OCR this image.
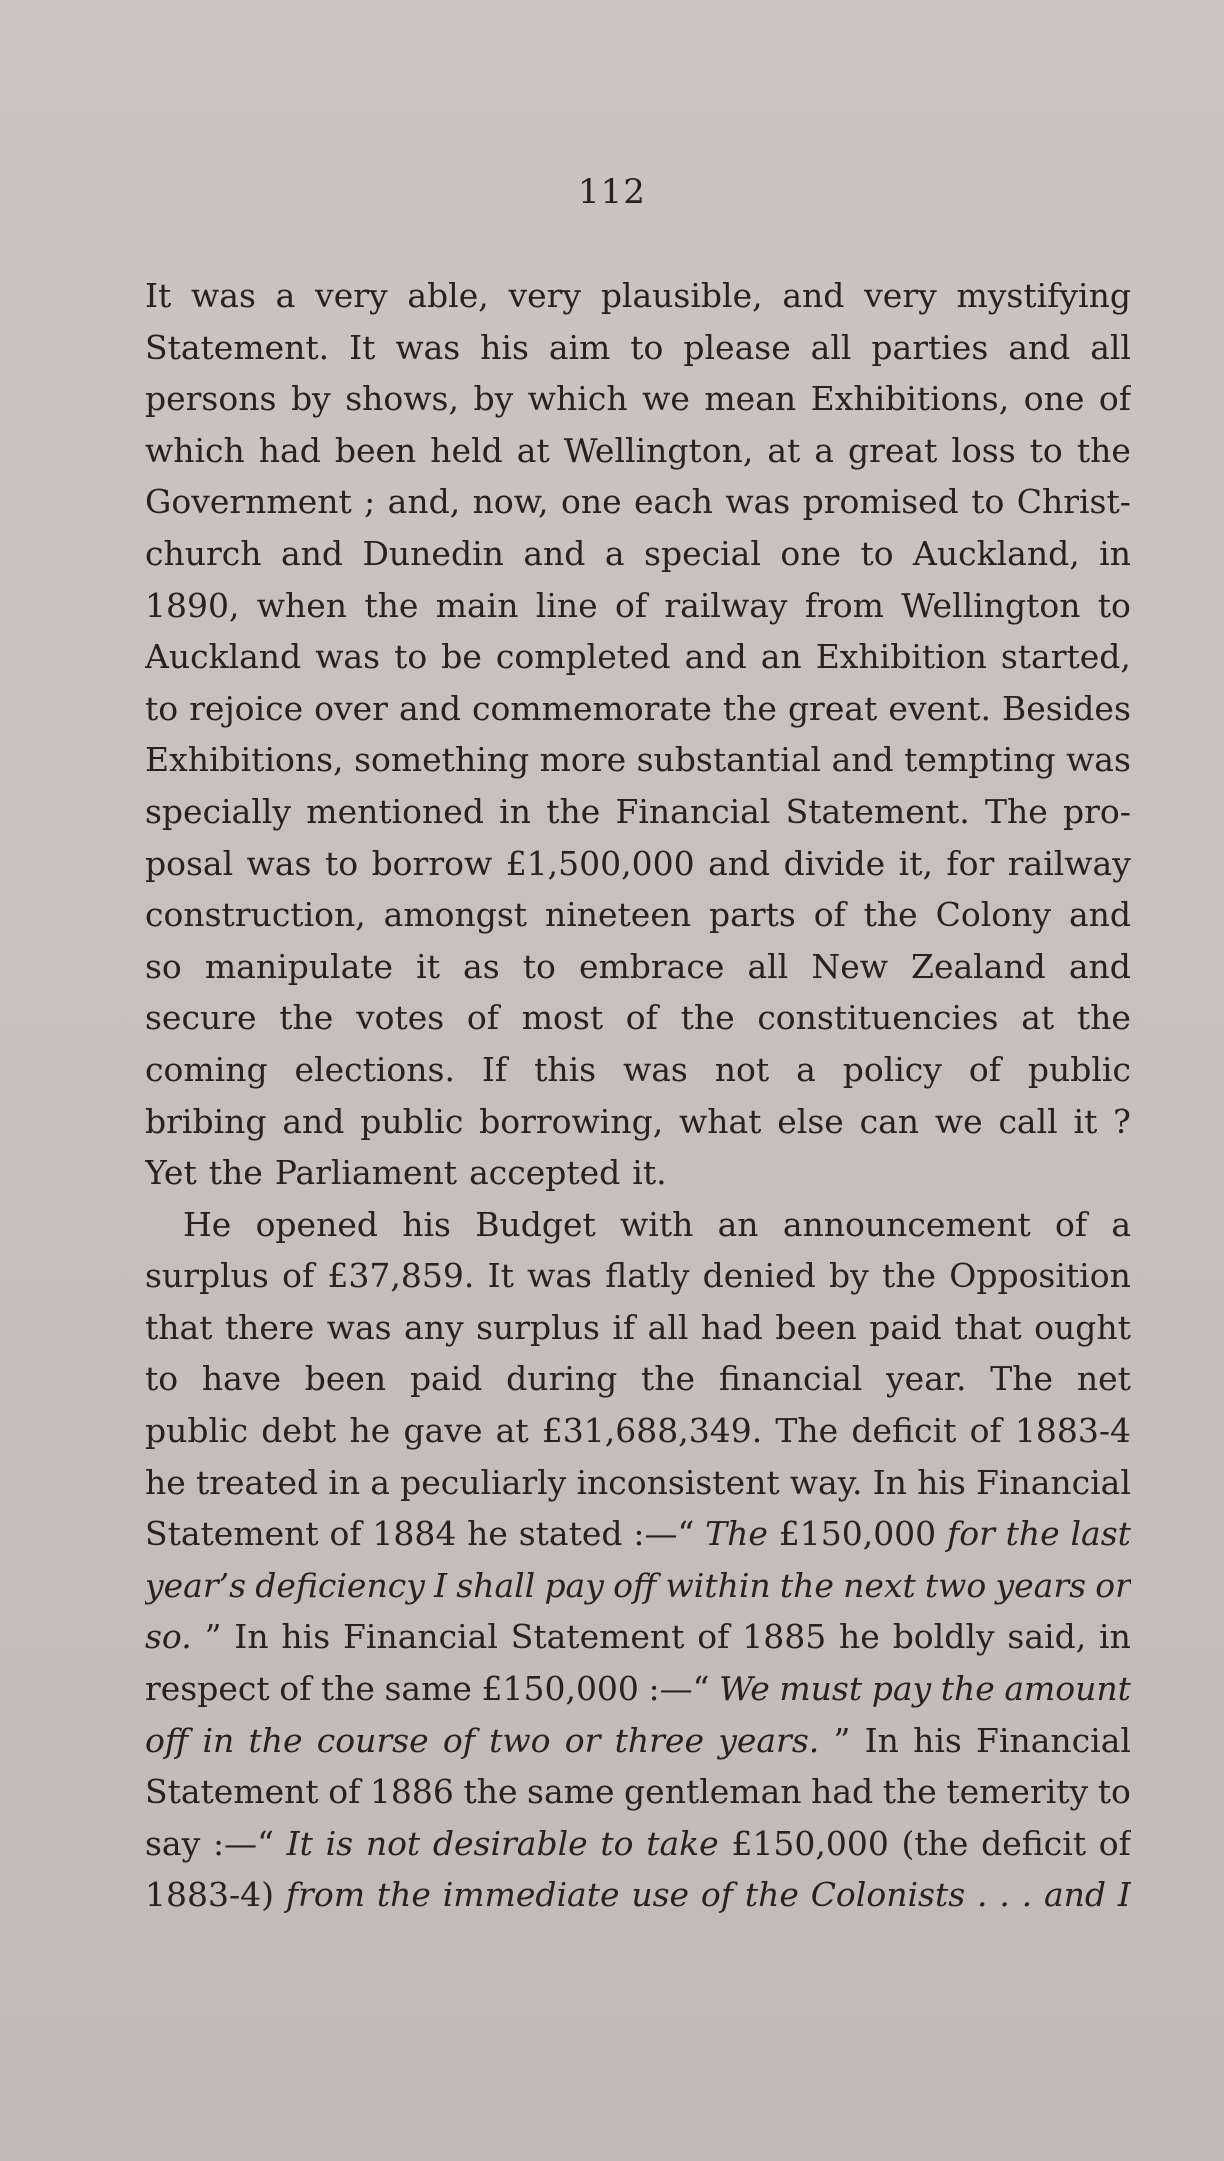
112
It was a very able, very plausible, and very mystifying
Statement. It was his aim to please all parties and all
persons by shows, by which we mean Exhibitions, one of
which had been held at Wellington, at a great loss to the
Government ; and, now, one each was promised to Christ-
church and Dunedin and a special one to Auckland, in
1890, when the main line of railway from Wellington to
Auckland was to be completed and an Exhibition started,
to rejoice over and commemorate the great event. Besides
Exhibitions, something more substantial and tempting was
specially mentioned in the Financial Statement. The pro-
posal was to borrow £1,500,000 and divide it, for railway
construction, amongst nineteen parts of the Colony and
so manipulate it as to embrace all New Zealand and
secure the votes of most of the constituencies at the
coming elections. If this was not a policy of public
bribing and public borrowing, what else can we call it ?
Yet the Parliament accepted it.
He opened his Budget with an announcement of a
surplus of £37,859. It was flatly denied by the Opposition
that there was any surplus if all had been paid that ought
to have been paid during the financial year. The net
public debt he gave at £31,688,349. The deficit of 1883-4
he treated in a peculiarly inconsistent way. In his Financial
Statement of 1884 he stated :—“ The £150,000 for the last
year’s deficiency I shall pay off within the next two years or
so. ” In his Financial Statement of 1885 he boldly said, in
respect of the same £150,000 :—“ We must pay the amount
off in the course of two or three years. ” In his Financial
Statement of 1886 the same gentleman had the temerity to
say :—“ It is not desirable to take £150,000 (the deficit of
1883-4) from the immediate use of the Colonists . . . and I
